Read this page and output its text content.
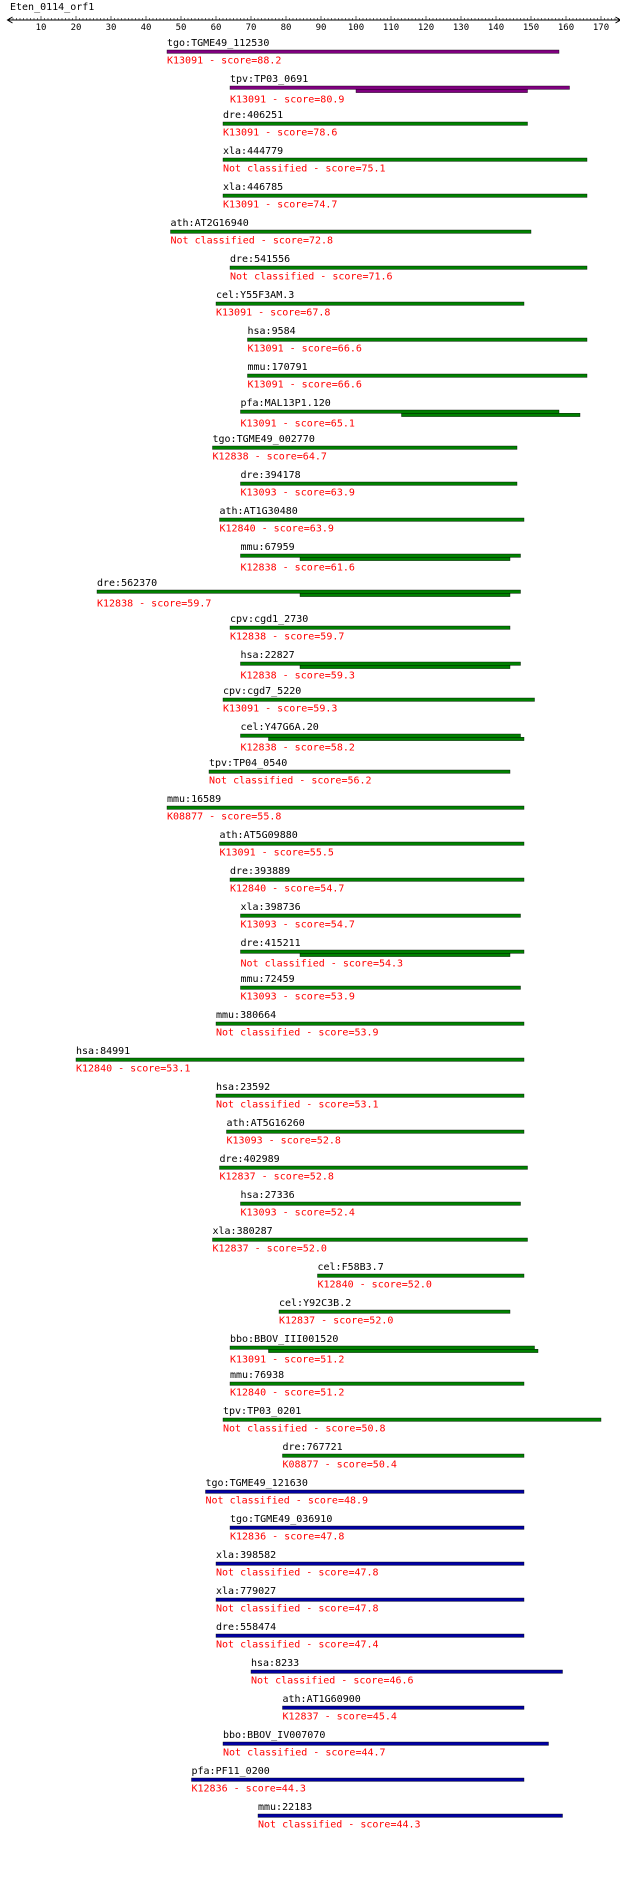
Eten_0114_orf1
10	20	30	40	50	60	70	80	90 100 110 120 130 140 150 160 170
tgo:TGME49_112530
K13091 - score=88.2
tpv:TP03_0691
K13091 - score=80.9
dre:406251
K13091 - score=78.6
xla:444779
Not classified - score=75.1
xla:446785
K13091 - score=74.7
ath:AT2G16940
Not classified - score=72.8
dre:541556
Not classified - score=71.6
cel:Y55F3AM.3
K13091 - score=67.8
hsa:9584
K13091 - score=66.6
mmu:170791
K13091 - score=66.6
pfa:MAL13P1.120
K13091 - score=65.1
tgo:TGME49_002770
K12838 - score=64.7
dre:394178
K13093 - score=63.9
ath:AT1G30480
K12840 - score=63.9
mmu:67959
K12838 - score=61.6
dre:562370
K12838 - score=59.7
cpv:cgd1_2730
K12838 - score=59.7
hsa:22827
K12838 - score=59.3
cpv:cgd7_5220
K13091 - score=59.3
cel:Y47G6A.20
K12838 - score=58.2
tpv:TP04_0540
Not classified - score=56.2
mmu:16589
K08877 - score=55.8
ath:AT5G09880
K13091 - score=55.5
dre:393889
K12840 - score=54.7
xla:398736
K13093 - score=54.7
dre:415211
Not classified - score=54.3
mmu:72459
K13093 - score=53.9
mmu:380664
Not classified - score=53.9
hsa:84991
K12840 - score=53.1
hsa:23592
Not classified - score=53.1
ath:AT5G16260
K13093 - score=52.8
dre:402989
K12837 - score=52.8
hsa:27336
K13093 - score=52.4
xla:380287
K12837 - score=52.0
cel:F58B3.7
K12840 - score=52.0
cel:Y92C3B.2
K12837 - score=52.0
bbo:BBOV_III001520
K13091 - score=51.2
mmu:76938
K12840 - score=51.2
tpv:TP03_0201
Not classified - score=50.8
dre:767721
K08877 - score=50.4
tgo:TGME49_121630
Not classified - score=48.9
tgo:TGME49_036910
K12836 - score=47.8
xla:398582
Not classified - score=47.8
xla:779027
Not classified - score=47.8
dre:558474
Not classified - score=47.4
hsa:8233
Not classified - score=46.6
ath:AT1G60900
K12837 - score=45.4
bbo:BBOV_IV007070
Not classified - score=44.7
pfa:PF11_0200
K12836 - score=44.3
mmu:22183
Not classified - score=44.3
